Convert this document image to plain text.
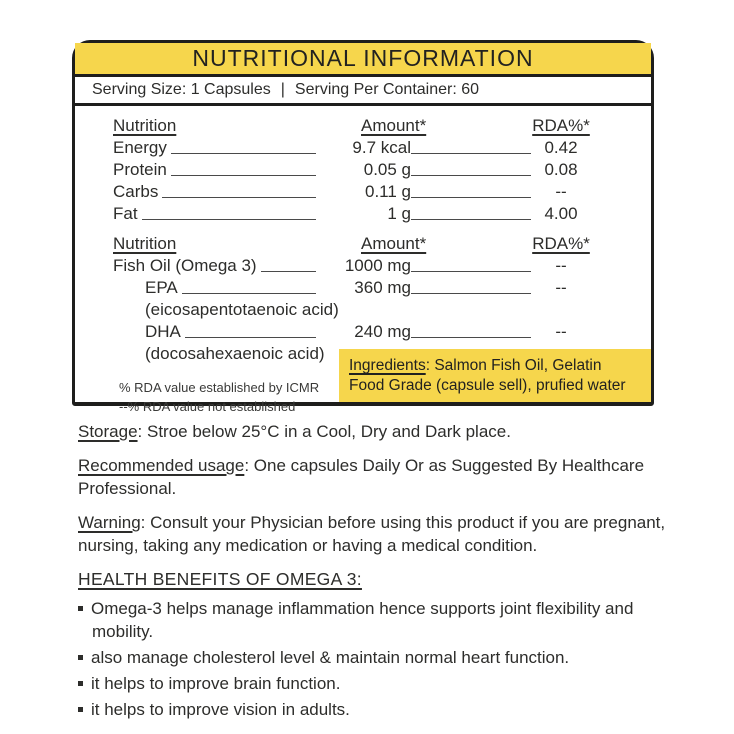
NUTRITIONAL INFORMATION
Serving Size: 1 Capsules | Serving Per Container: 60
Nutrition	Amount*	RDA%*
Energy	9.7 kcal	0.42
Protein	0.05 g	0.08
Carbs	0.11 g	--
Fat	1 g	4.00
Nutrition	Amount*	RDA%*
Fish Oil (Omega 3)	1000 mg	--
EPA	360 mg	--
(eicosapentotaenoic acid)
DHA	240 mg	--
(docosahexaenoic acid)
% RDA value established by ICMR
--% RDA value not established
Ingredients: Salmon Fish Oil, Gelatin Food Grade (capsule sell), prufied water

Storage: Stroe below 25°C in a Cool, Dry and Dark place.

Recommended usage: One capsules Daily Or as Suggested By Healthcare Professional.

Warning: Consult your Physician before using this product if you are pregnant, nursing, taking any medication or having a medical condition.

HEALTH BENEFITS OF OMEGA 3:
Omega-3 helps manage inflammation hence supports joint flexibility and mobility.
also manage cholesterol level & maintain normal heart function.
it helps to improve brain function.
it helps to improve vision in adults.
